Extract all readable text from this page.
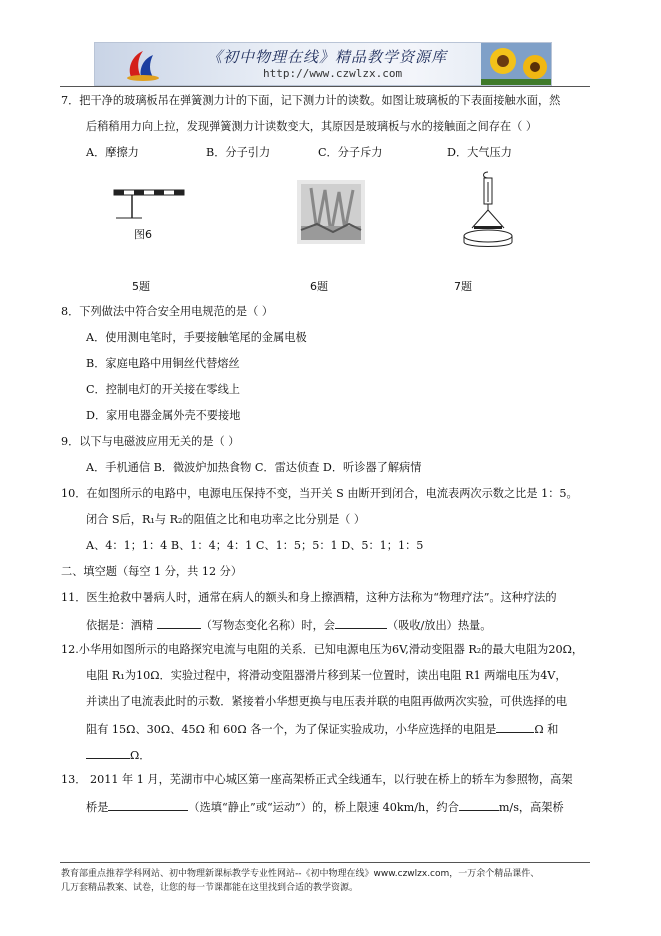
《初中物理在线》精品教学资源库
http://www.czwlzx.com
7．把干净的玻璃板吊在弹簧测力计的下面，记下测力计的读数。如图让玻璃板的下表面接触水面，然
后稍稍用力向上拉，发现弹簧测力计读数变大，其原因是玻璃板与水的接触面之间存在（ ）
A．摩擦力	B．分子引力	C．分子斥力	D．大气压力
图6
5题	6题	7题
8．下列做法中符合安全用电规范的是（ ）
A．使用测电笔时，手要接触笔尾的金属电极
B．家庭电路中用铜丝代替熔丝
C．控制电灯的开关接在零线上
D．家用电器金属外壳不要接地
9．以下与电磁波应用无关的是（ ）
A．手机通信 B．微波炉加热食物 C．雷达侦查 D．听诊器了解病情
10．在如图所示的电路中，电源电压保持不变，当开关 S 由断开到闭合，电流表两次示数之比是 1：5。
闭合 S后，R₁与 R₂的阻值之比和电功率之比分别是（ ）
A、4：1；1：4 B、1：4；4：1 C、1：5；5：1 D、5：1；1：5
二、填空题（每空 1 分，共 12 分）
11．医生抢救中暑病人时，通常在病人的额头和身上擦酒精，这种方法称为“物理疗法”。这种疗法的
依据是：酒精	（写物态变化名称）时，会	（吸收/放出）热量。
12.小华用如图所示的电路探究电流与电阻的关系．已知电源电压为6V,滑动变阻器 R₂的最大电阻为20Ω，
电阻 R₁为10Ω．实验过程中，将滑动变阻器滑片移到某一位置时，读出电阻 R1 两端电压为4V，
并读出了电流表此时的示数．紧接着小华想更换与电压表并联的电阻再做两次实验，可供选择的电
阻有 15Ω、30Ω、45Ω 和 60Ω 各一个，为了保证实验成功，小华应选择的电阻是	Ω 和
Ω．
13． 2011 年 1 月，芜湖市中心城区第一座高架桥正式全线通车，以行驶在桥上的轿车为参照物，高架
桥是	（选填“静止”或“运动”）的，桥上限速 40km/h，约合	m/s，高架桥
教育部重点推荐学科网站、初中物理新课标教学专业性网站--《初中物理在线》www.czwlzx.com，一万余个精品课件、
几万套精品教案、试卷，让您的每一节课都能在这里找到合适的教学资源。
